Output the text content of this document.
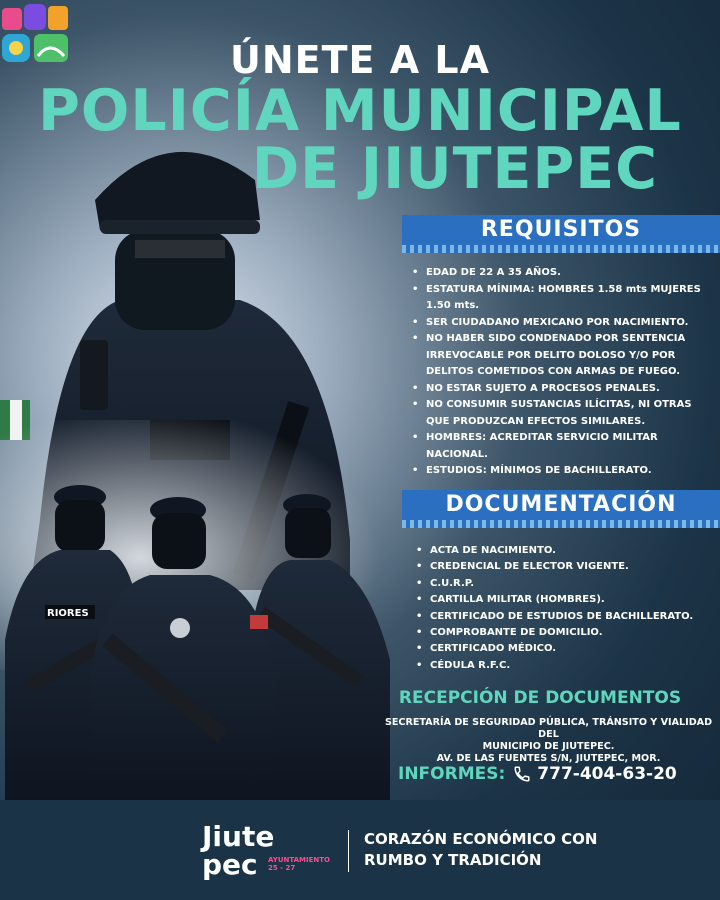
ÚNETE A LA
POLICÍA MUNICIPAL
DE JIUTEPEC
RIORES
REQUISITOS
• EDAD DE 22 A 35 AÑOS.
• ESTATURA MÍNIMA: HOMBRES 1.58 mts MUJERES 1.50 mts.
• SER CIUDADANO MEXICANO POR NACIMIENTO.
• NO HABER SIDO CONDENADO POR SENTENCIA IRREVOCABLE POR DELITO DOLOSO Y/O POR DELITOS COMETIDOS CON ARMAS DE FUEGO.
• NO ESTAR SUJETO A PROCESOS PENALES.
• NO CONSUMIR SUSTANCIAS ILÍCITAS, NI OTRAS QUE PRODUZCAN EFECTOS SIMILARES.
• HOMBRES: ACREDITAR SERVICIO MILITAR NACIONAL.
• ESTUDIOS: MÍNIMOS DE BACHILLERATO.
DOCUMENTACIÓN
• ACTA DE NACIMIENTO.
• CREDENCIAL DE ELECTOR VIGENTE.
• C.U.R.P.
• CARTILLA MILITAR (HOMBRES).
• CERTIFICADO DE ESTUDIOS DE BACHILLERATO.
• COMPROBANTE DE DOMICILIO.
• CERTIFICADO MÉDICO.
• CÉDULA R.F.C.
RECEPCIÓN DE DOCUMENTOS
SECRETARÍA DE SEGURIDAD PÚBLICA, TRÁNSITO Y VIALIDAD DEL
MUNICIPIO DE JIUTEPEC.
AV. DE LAS FUENTES S/N, JIUTEPEC, MOR.
INFORMES: 777-404-63-20
Jiute
pec AYUNTAMIENTO
25 - 27
CORAZÓN ECONÓMICO CON
RUMBO Y TRADICIÓN
